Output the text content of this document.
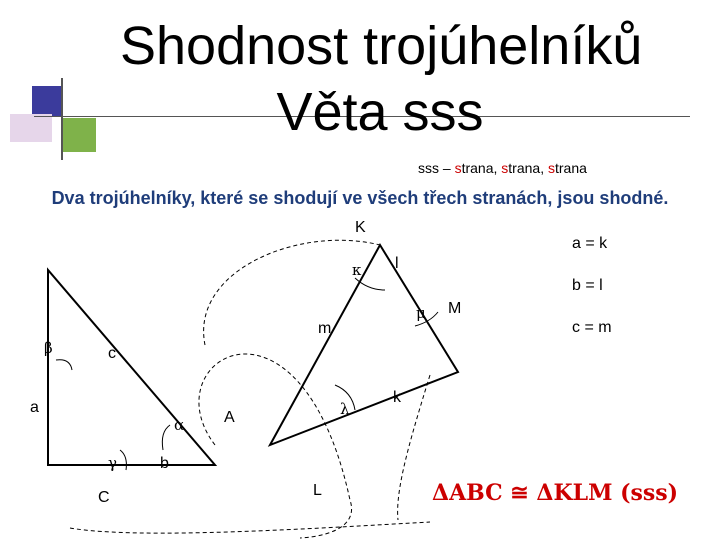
Shodnost trojúhelníků
Věta sss
sss – strana, strana, strana
Dva trojúhelníky, které se shodují ve všech třech stranách, jsou shodné.
a = k
b = l
c = m
a
A
C
c
b
K
L
M
l
m
k
β
α
γ
κ
μ
λ
ΔABC ≅ ΔKLM (sss)
